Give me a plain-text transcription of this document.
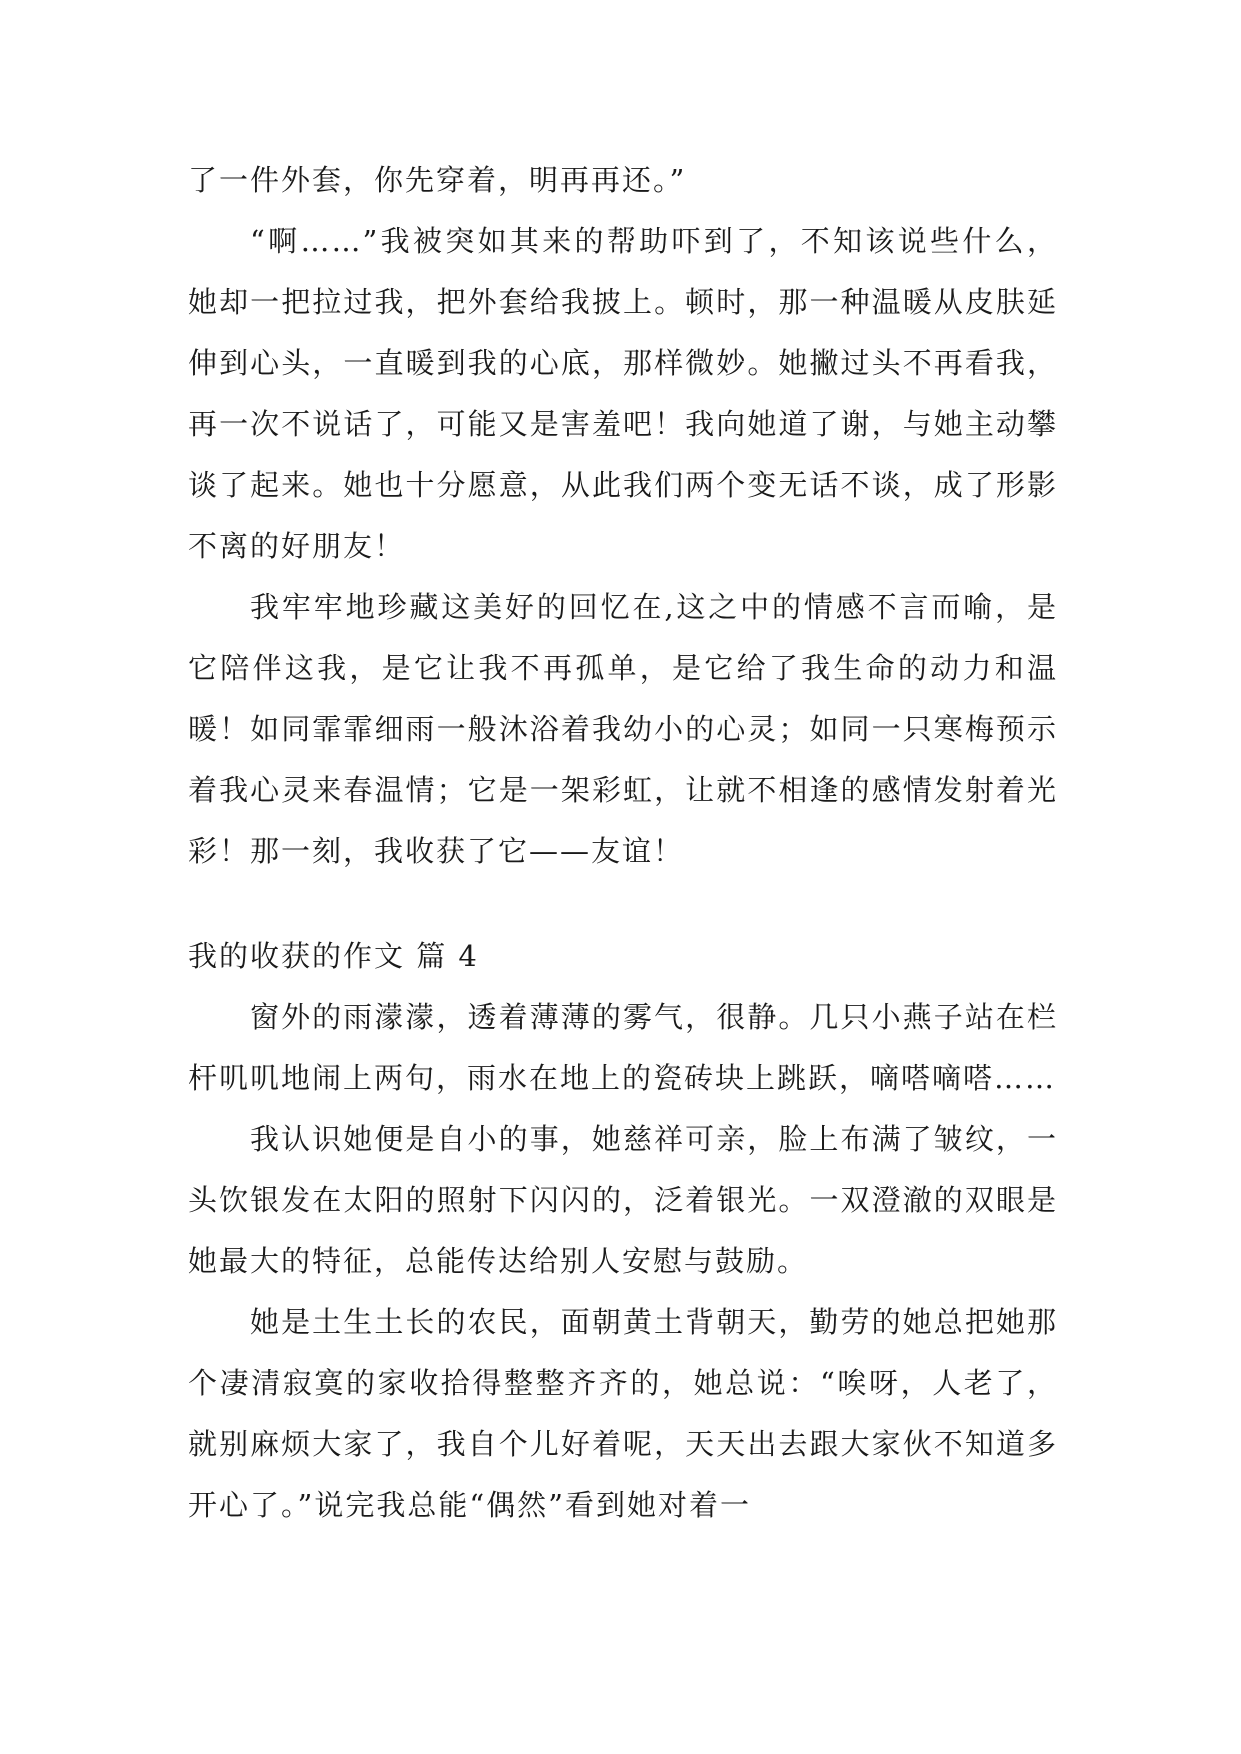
了一件外套，你先穿着，明再再还。”

“啊……”我被突如其来的帮助吓到了，不知该说些什么，她却一把拉过我，把外套给我披上。顿时，那一种温暖从皮肤延伸到心头，一直暖到我的心底，那样微妙。她撇过头不再看我，再一次不说话了，可能又是害羞吧！我向她道了谢，与她主动攀谈了起来。她也十分愿意，从此我们两个变无话不谈，成了形影不离的好朋友！

我牢牢地珍藏这美好的回忆在,这之中的情感不言而喻，是它陪伴这我，是它让我不再孤单，是它给了我生命的动力和温暖！如同霏霏细雨一般沐浴着我幼小的心灵；如同一只寒梅预示着我心灵来春温情；它是一架彩虹，让就不相逢的感情发射着光彩！那一刻，我收获了它——友谊！

我的收获的作文 篇 4

窗外的雨濛濛，透着薄薄的雾气，很静。几只小燕子站在栏杆叽叽地闹上两句，雨水在地上的瓷砖块上跳跃，嘀嗒嘀嗒……

我认识她便是自小的事，她慈祥可亲，脸上布满了皱纹，一头饮银发在太阳的照射下闪闪的，泛着银光。一双澄澈的双眼是她最大的特征，总能传达给别人安慰与鼓励。

她是土生土长的农民，面朝黄土背朝天，勤劳的她总把她那个凄清寂寞的家收拾得整整齐齐的，她总说：“唉呀，人老了，就别麻烦大家了，我自个儿好着呢，天天出去跟大家伙不知道多开心了。”说完我总能“偶然”看到她对着一
